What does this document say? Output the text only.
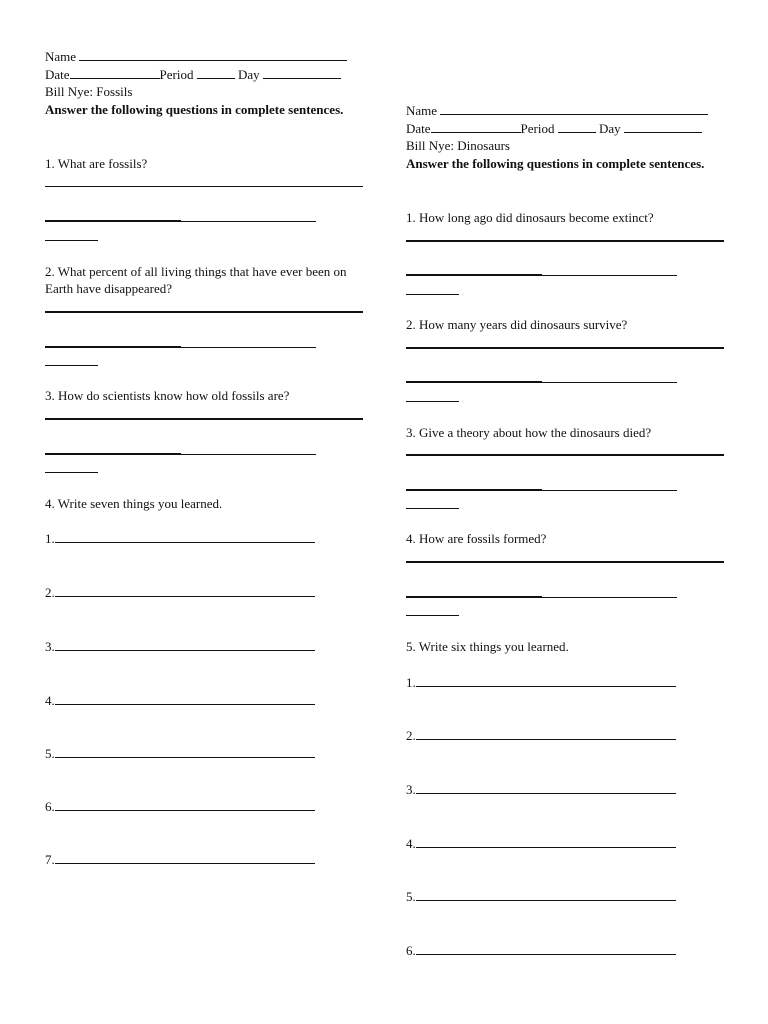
Name
Date	Period	Day
Bill Nye: Fossils
Answer the following questions in complete sentences.
1. What are fossils?
2. What percent of all living things that have ever been on Earth have disappeared?
3. How do scientists know how old fossils are?
4. Write seven things you learned.
1.
2.
3.
4.
5.
6.
7.
Name
Date	Period	Day
Bill Nye: Dinosaurs
Answer the following questions in complete sentences.
1. How long ago did dinosaurs become extinct?
2. How many years did dinosaurs survive?
3. Give a theory about how the dinosaurs died?
4. How are fossils formed?
5. Write six things you learned.
1.
2.
3.
4.
5.
6.
